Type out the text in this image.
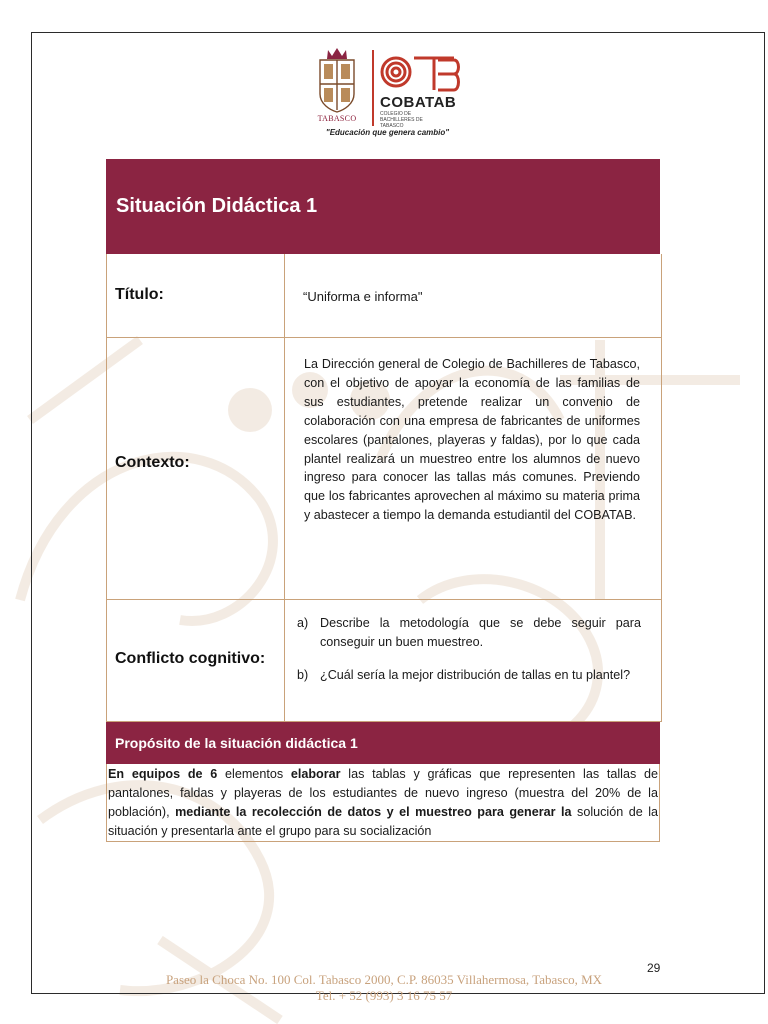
TABASCO
COBATAB
COLEGIO DE BACHILLERES DE TABASCO
"Educación que genera cambio"
Situación Didáctica 1
Título:	“Uniforma e informa"
Contexto:
La Dirección general de Colegio de Bachilleres de Tabasco, con el objetivo de apoyar la economía de las familias de sus estudiantes, pretende realizar un convenio de colaboración con una empresa de fabricantes de uniformes escolares (pantalones, playeras y faldas), por lo que cada plantel realizará un muestreo entre los alumnos de nuevo ingreso para conocer las tallas más comunes. Previendo que los fabricantes aprovechen al máximo su materia prima y abastecer a tiempo la demanda estudiantil del COBATAB.
Conflicto cognitivo:
a) Describe la metodología que se debe seguir para conseguir un buen muestreo.
b) ¿Cuál sería la mejor distribución de tallas en tu plantel?
Propósito de la situación didáctica 1
En equipos de 6 elementos elaborar las tablas y gráficas que representen las tallas de pantalones, faldas y playeras de los estudiantes de nuevo ingreso (muestra del 20% de la población), mediante la recolección de datos y el muestreo para generar la solución de la situación y presentarla ante el grupo para su socialización
29
Paseo la Choca No. 100 Col. Tabasco 2000, C.P. 86035 Villahermosa, Tabasco, MX
Tel. + 52 (993) 3 16 75 57
